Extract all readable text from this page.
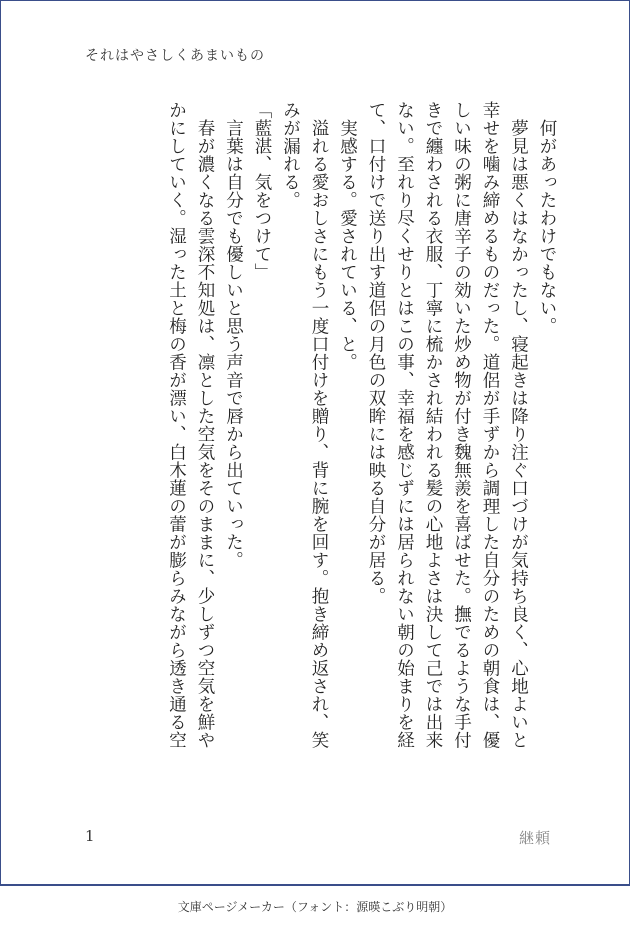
それはやさしくあまいもの

何があったわけでもない。

夢見は悪くはなかったし、寝起きは降り注ぐ口づけが気持ち良く、心地よいと

幸せを噛み締めるものだった。道侶が手ずから調理した自分のための朝食は、優

しい味の粥に唐辛子の効いた炒め物が付き魏無羨を喜ばせた。撫でるような手付

きで纏わされる衣服、丁寧に梳かされ結われる髪の心地よさは決して己では出来

ない。至れり尽くせりとはこの事、幸福を感じずには居られない朝の始まりを経

て、口付けで送り出す道侶の月色の双眸には映る自分が居る。

実感する。愛されている、と。

溢れる愛おしさにもう一度口付けを贈り、背に腕を回す。抱き締め返され、笑

みが漏れる。

「藍湛、気をつけて」

言葉は自分でも優しいと思う声音で唇から出ていった。

春が濃くなる雲深不知処は、凛とした空気をそのままに、少しずつ空気を鮮や

かにしていく。湿った土と梅の香が漂い、白木蓮の蕾が膨らみながら透き通る空

1	継頼
文庫ページメーカー（フォント：源暎こぶり明朝）
